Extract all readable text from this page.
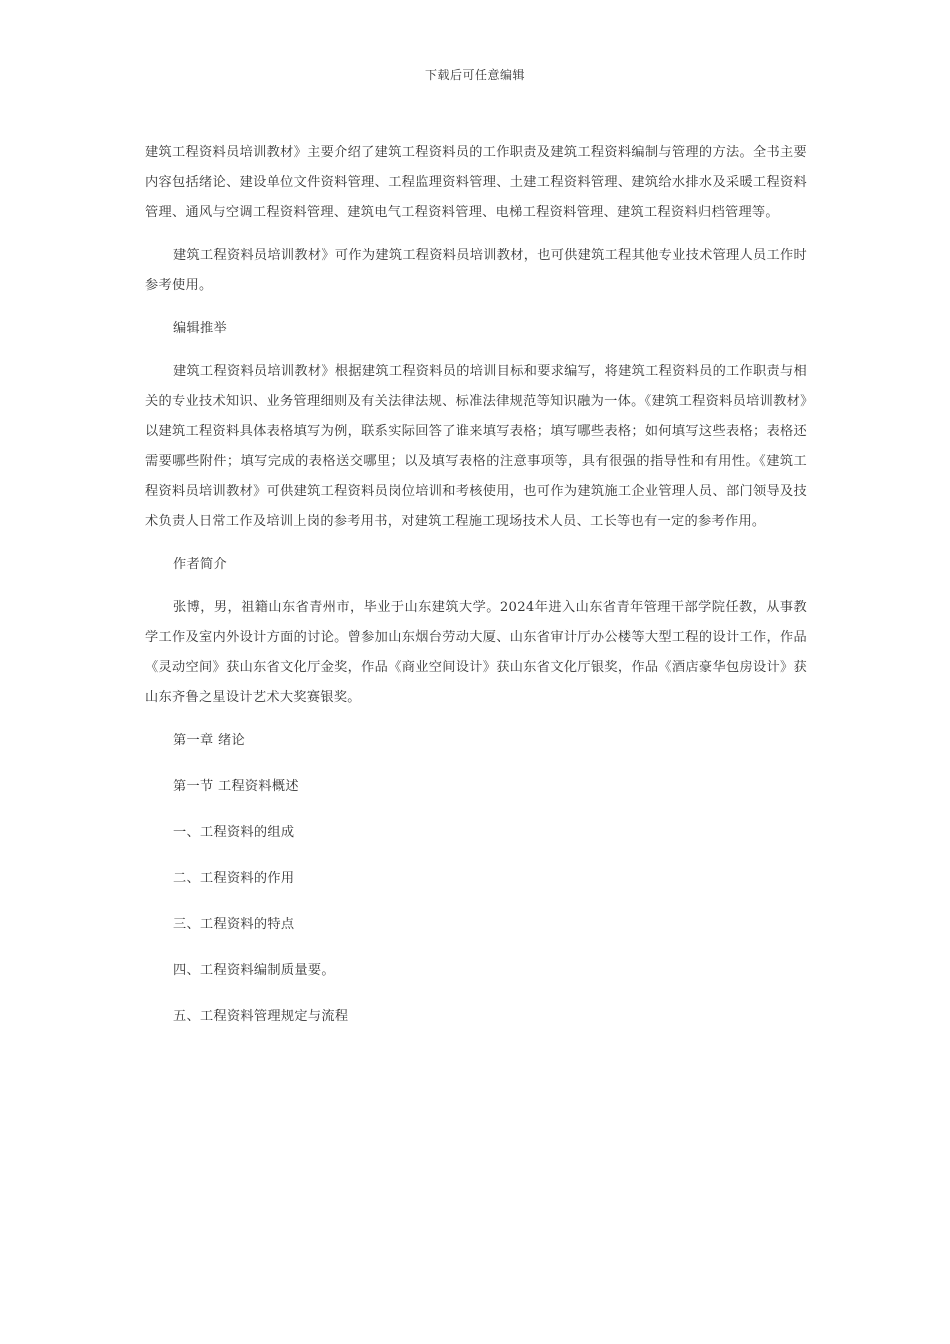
下载后可任意编辑

建筑工程资料员培训教材》主要介绍了建筑工程资料员的工作职责及建筑工程资料编制与管理的方法。全书主要内容包括绪论、建设单位文件资料管理、工程监理资料管理、土建工程资料管理、建筑给水排水及采暖工程资料管理、通风与空调工程资料管理、建筑电气工程资料管理、电梯工程资料管理、建筑工程资料归档管理等。

建筑工程资料员培训教材》可作为建筑工程资料员培训教材，也可供建筑工程其他专业技术管理人员工作时参考使用。

编辑推举

建筑工程资料员培训教材》根据建筑工程资料员的培训目标和要求编写，将建筑工程资料员的工作职责与相关的专业技术知识、业务管理细则及有关法律法规、标准法律规范等知识融为一体。《建筑工程资料员培训教材》以建筑工程资料具体表格填写为例，联系实际回答了谁来填写表格；填写哪些表格；如何填写这些表格；表格还需要哪些附件；填写完成的表格送交哪里；以及填写表格的注意事项等，具有很强的指导性和有用性。《建筑工程资料员培训教材》可供建筑工程资料员岗位培训和考核使用，也可作为建筑施工企业管理人员、部门领导及技术负责人日常工作及培训上岗的参考用书，对建筑工程施工现场技术人员、工长等也有一定的参考作用。

作者简介

张博，男，祖籍山东省青州市，毕业于山东建筑大学。2024年进入山东省青年管理干部学院任教，从事教学工作及室内外设计方面的讨论。曾参加山东烟台劳动大厦、山东省审计厅办公楼等大型工程的设计工作，作品《灵动空间》获山东省文化厅金奖，作品《商业空间设计》获山东省文化厅银奖，作品《酒店豪华包房设计》获山东齐鲁之星设计艺术大奖赛银奖。

第一章 绪论

第一节 工程资料概述

一、工程资料的组成

二、工程资料的作用

三、工程资料的特点

四、工程资料编制质量要。

五、工程资料管理规定与流程
